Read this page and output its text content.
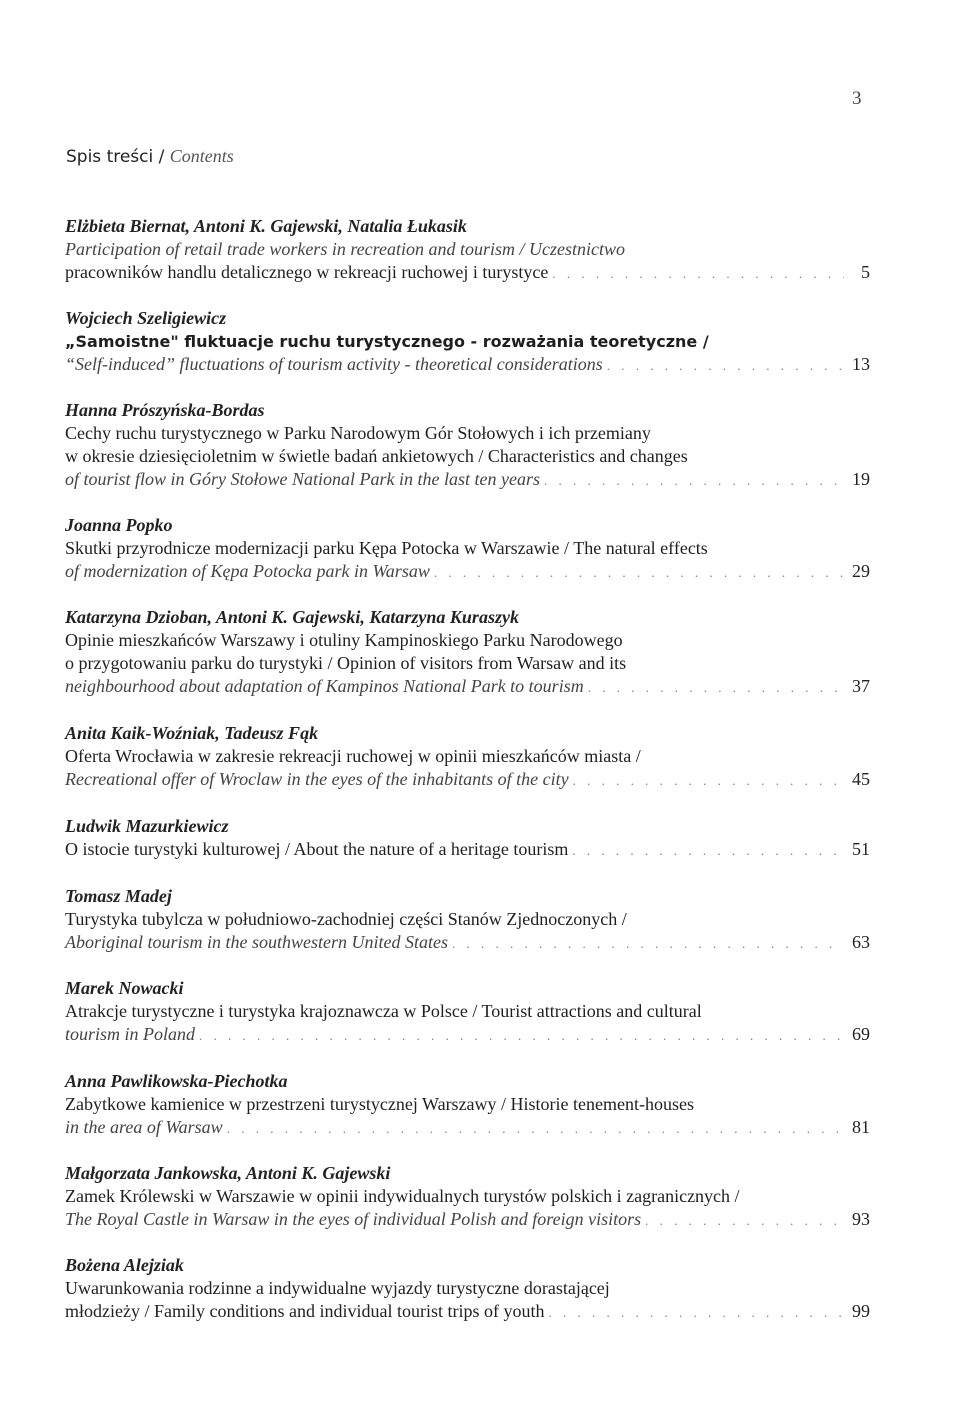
3
Spis treści / Contents
Elżbieta Biernat, Antoni K. Gajewski, Natalia Łukasik
Participation of retail trade workers in recreation and tourism / Uczestnictwo
pracowników handlu detalicznego w rekreacji ruchowej i turystyce . . .	5
Wojciech Szeligiewicz
„Samoistne" fluktuacje ruchu turystycznego - rozważania teoretyczne /
“Self-induced” fluctuations of tourism activity - theoretical considerations . . .	13
Hanna Prószyńska-Bordas
Cechy ruchu turystycznego w Parku Narodowym Gór Stołowych i ich przemiany
w okresie dziesięcioletnim w świetle badań ankietowych / Characteristics and changes
of tourist flow in Góry Stołowe National Park in the last ten years . . .	19
Joanna Popko
Skutki przyrodnicze modernizacji parku Kępa Potocka w Warszawie / The natural effects
of modernization of Kępa Potocka park in Warsaw . . .	29
Katarzyna Dzioban, Antoni K. Gajewski, Katarzyna Kuraszyk
Opinie mieszkańców Warszawy i otuliny Kampinoskiego Parku Narodowego
o przygotowaniu parku do turystyki / Opinion of visitors from Warsaw and its
neighbourhood about adaptation of Kampinos National Park to tourism . . .	37
Anita Kaik-Woźniak, Tadeusz Fąk
Oferta Wrocławia w zakresie rekreacji ruchowej w opinii mieszkańców miasta /
Recreational offer of Wroclaw in the eyes of the inhabitants of the city . . .	45
Ludwik Mazurkiewicz
O istocie turystyki kulturowej / About the nature of a heritage tourism . . .	51
Tomasz Madej
Turystyka tubylcza w południowo-zachodniej części Stanów Zjednoczonych /
Aboriginal tourism in the southwestern United States . . .	63
Marek Nowacki
Atrakcje turystyczne i turystyka krajoznawcza w Polsce / Tourist attractions and cultural
tourism in Poland . . .	69
Anna Pawlikowska-Piechotka
Zabytkowe kamienice w przestrzeni turystycznej Warszawy / Historie tenement-houses
in the area of Warsaw . . .	81
Małgorzata Jankowska, Antoni K. Gajewski
Zamek Królewski w Warszawie w opinii indywidualnych turystów polskich i zagranicznych /
The Royal Castle in Warsaw in the eyes of individual Polish and foreign visitors . . .	93
Bożena Alejziak
Uwarunkowania rodzinne a indywidualne wyjazdy turystyczne dorastającej
młodzieży / Family conditions and individual tourist trips of youth . . .	99
